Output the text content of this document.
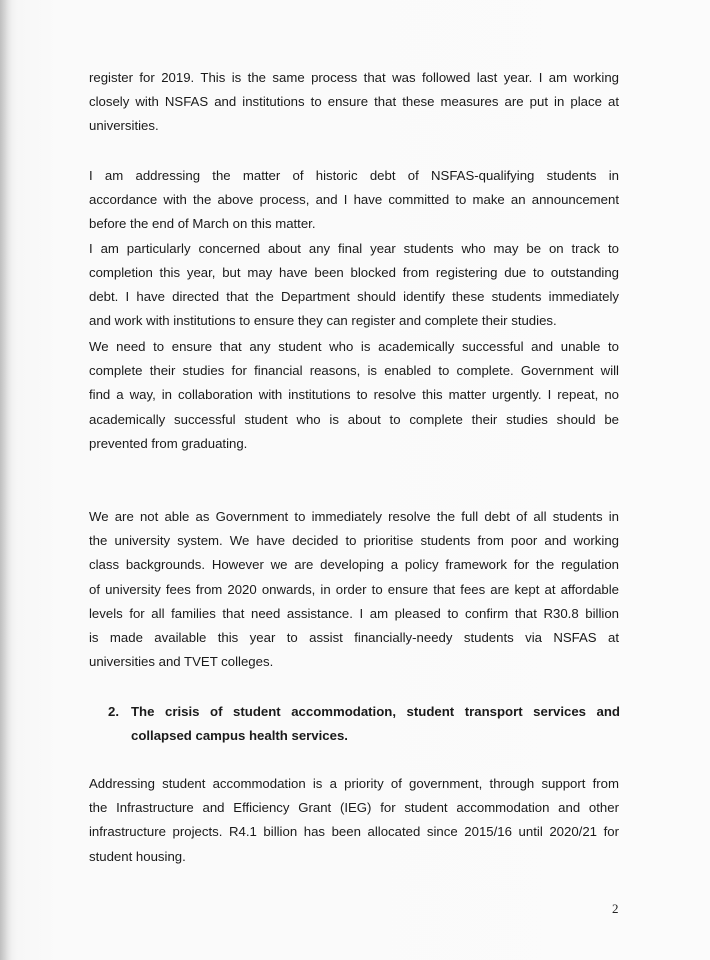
register for 2019. This is the same process that was followed last year. I am working
closely with NSFAS and institutions to ensure that these measures are put in place at
universities.

I am addressing the matter of historic debt of NSFAS-qualifying students in
accordance with the above process, and I have committed to make an announcement
before the end of March on this matter.
I am particularly concerned about any final year students who may be on track to
completion this year, but may have been blocked from registering due to outstanding
debt. I have directed that the Department should identify these students immediately
and work with institutions to ensure they can register and complete their studies.

We need to ensure that any student who is academically successful and unable to
complete their studies for financial reasons, is enabled to complete. Government will
find a way, in collaboration with institutions to resolve this matter urgently. I repeat, no
academically successful student who is about to complete their studies should be
prevented from graduating.

We are not able as Government to immediately resolve the full debt of all students in
the university system. We have decided to prioritise students from poor and working
class backgrounds. However we are developing a policy framework for the regulation
of university fees from 2020 onwards, in order to ensure that fees are kept at affordable
levels for all families that need assistance. I am pleased to confirm that R30.8 billion
is made available this year to assist financially-needy students via NSFAS at
universities and TVET colleges.

2. The crisis of student accommodation, student transport services and
collapsed campus health services.

Addressing student accommodation is a priority of government, through support from
the Infrastructure and Efficiency Grant (IEG) for student accommodation and other
infrastructure projects. R4.1 billion has been allocated since 2015/16 until 2020/21 for
student housing.

2
